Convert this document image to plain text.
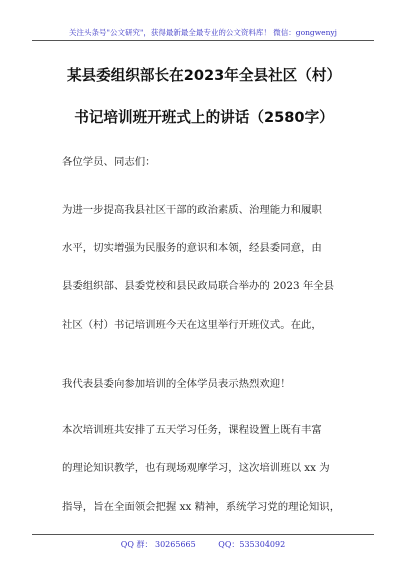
关注头条号"公文研究"，获得最新最全最专业的公文资料库！ 微信：gongwenyj
某县委组织部长在2023年全县社区（村）
书记培训班开班式上的讲话（2580字）
各位学员、同志们：
为进一步提高我县社区干部的政治素质、治理能力和履职
水平，切实增强为民服务的意识和本领，经县委同意，由
县委组织部、县委党校和县民政局联合举办的 2023 年全县
社区（村）书记培训班今天在这里举行开班仪式。在此，
我代表县委向参加培训的全体学员表示热烈欢迎！
本次培训班共安排了五天学习任务，课程设置上既有丰富
的理论知识教学，也有现场观摩学习，这次培训班以 xx 为
指导，旨在全面领会把握 xx 精神，系统学习党的理论知识，
QQ 群： 30265665	QQ：535304092
